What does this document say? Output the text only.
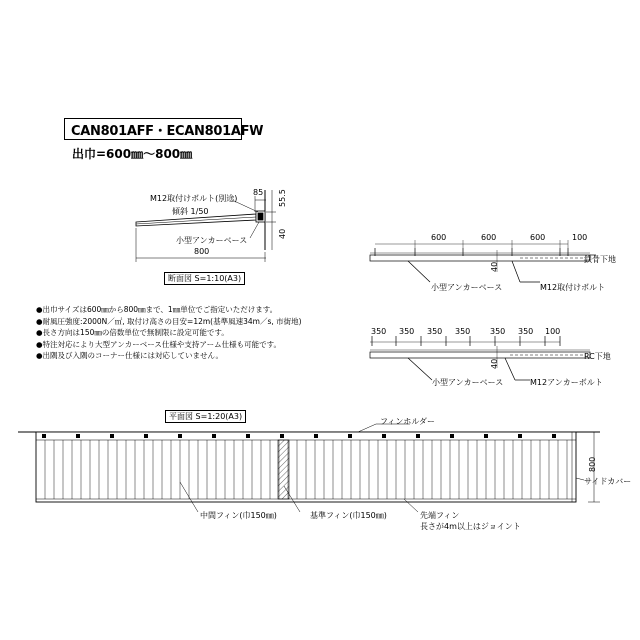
CAN801AFF・ECAN801AFW
出巾=600㎜～800㎜
M12取付けボルト(別途)
傾斜 1/50
小型アンカーベース
85 55.5
40
800
断面図 S=1:10(A3)
600	600	600	100
40
鉄骨下地
小型アンカーベース	M12取付けボルト
350 350 350 350 350 350 100
40
RC下地
小型アンカーベース	M12アンカーボルト
●出巾サイズは600㎜から800㎜まで、1㎜単位でご指定いただけます。
●耐風圧強度:2000N／㎡, 取付け高さの目安=12m(基準風速34m／s, 市街地)
●長さ方向は150㎜の倍数単位で無制限に設定可能です。
●特注対応により大型アンカーベース仕様や支持アーム仕様も可能です。
●出隅及び入隅のコーナー仕様には対応していません。
平面図 S=1:20(A3)
フィンホルダー
800
サイドカバー
中間フィン(巾150㎜)	基準フィン(巾150㎜)	先端フィン
長さが4m以上はジョイント
